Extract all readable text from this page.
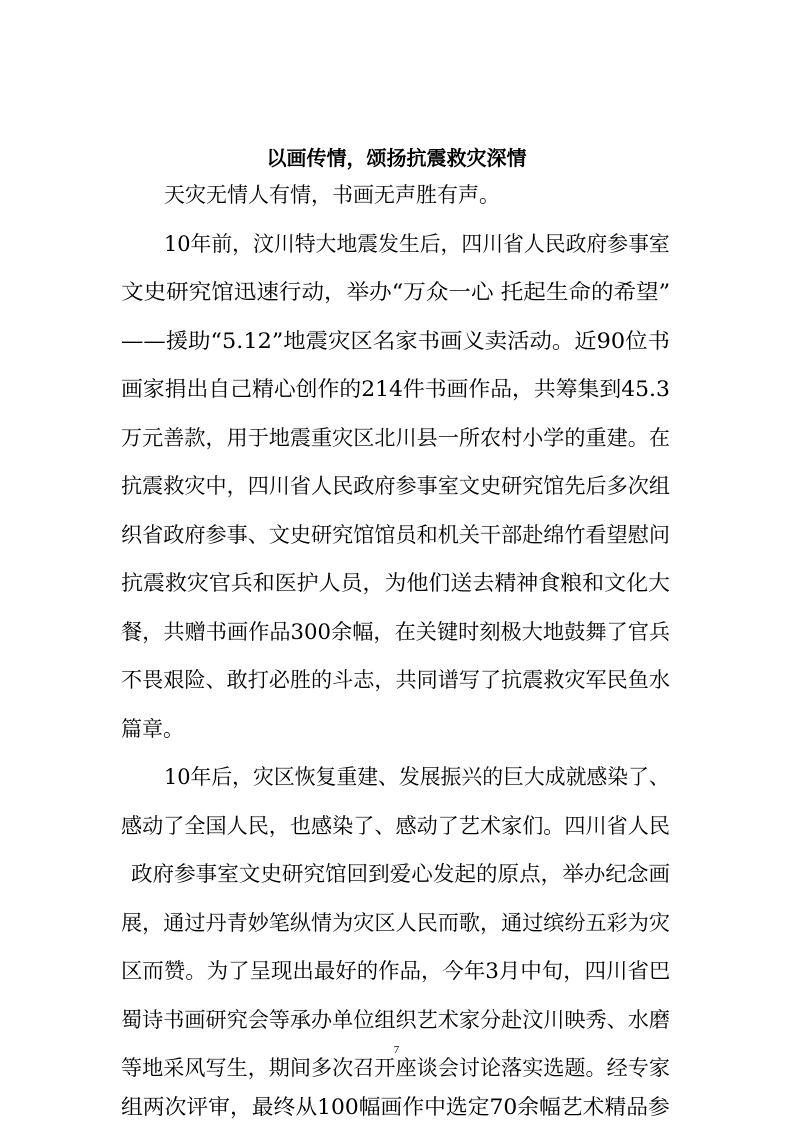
以画传情，颂扬抗震救灾深情
天灾无情人有情，书画无声胜有声。
10年前，汶川特大地震发生后，四川省人民政府参事室
文史研究馆迅速行动，举办“万众一心 托起生命的希望”
——援助“5.12”地震灾区名家书画义卖活动。近90位书
画家捐出自己精心创作的214件书画作品，共筹集到45.3
万元善款，用于地震重灾区北川县一所农村小学的重建。在
抗震救灾中，四川省人民政府参事室文史研究馆先后多次组
织省政府参事、文史研究馆馆员和机关干部赴绵竹看望慰问
抗震救灾官兵和医护人员，为他们送去精神食粮和文化大
餐，共赠书画作品300余幅，在关键时刻极大地鼓舞了官兵
不畏艰险、敢打必胜的斗志，共同谱写了抗震救灾军民鱼水
篇章。
10年后，灾区恢复重建、发展振兴的巨大成就感染了、
感动了全国人民，也感染了、感动了艺术家们。四川省人民
政府参事室文史研究馆回到爱心发起的原点，举办纪念画
展，通过丹青妙笔纵情为灾区人民而歌，通过缤纷五彩为灾
区而赞。为了呈现出最好的作品，今年3月中旬，四川省巴
蜀诗书画研究会等承办单位组织艺术家分赴汶川映秀、水磨
等地采风写生，期间多次召开座谈会讨论落实选题。经专家
组两次评审，最终从100幅画作中选定70余幅艺术精品参
7
